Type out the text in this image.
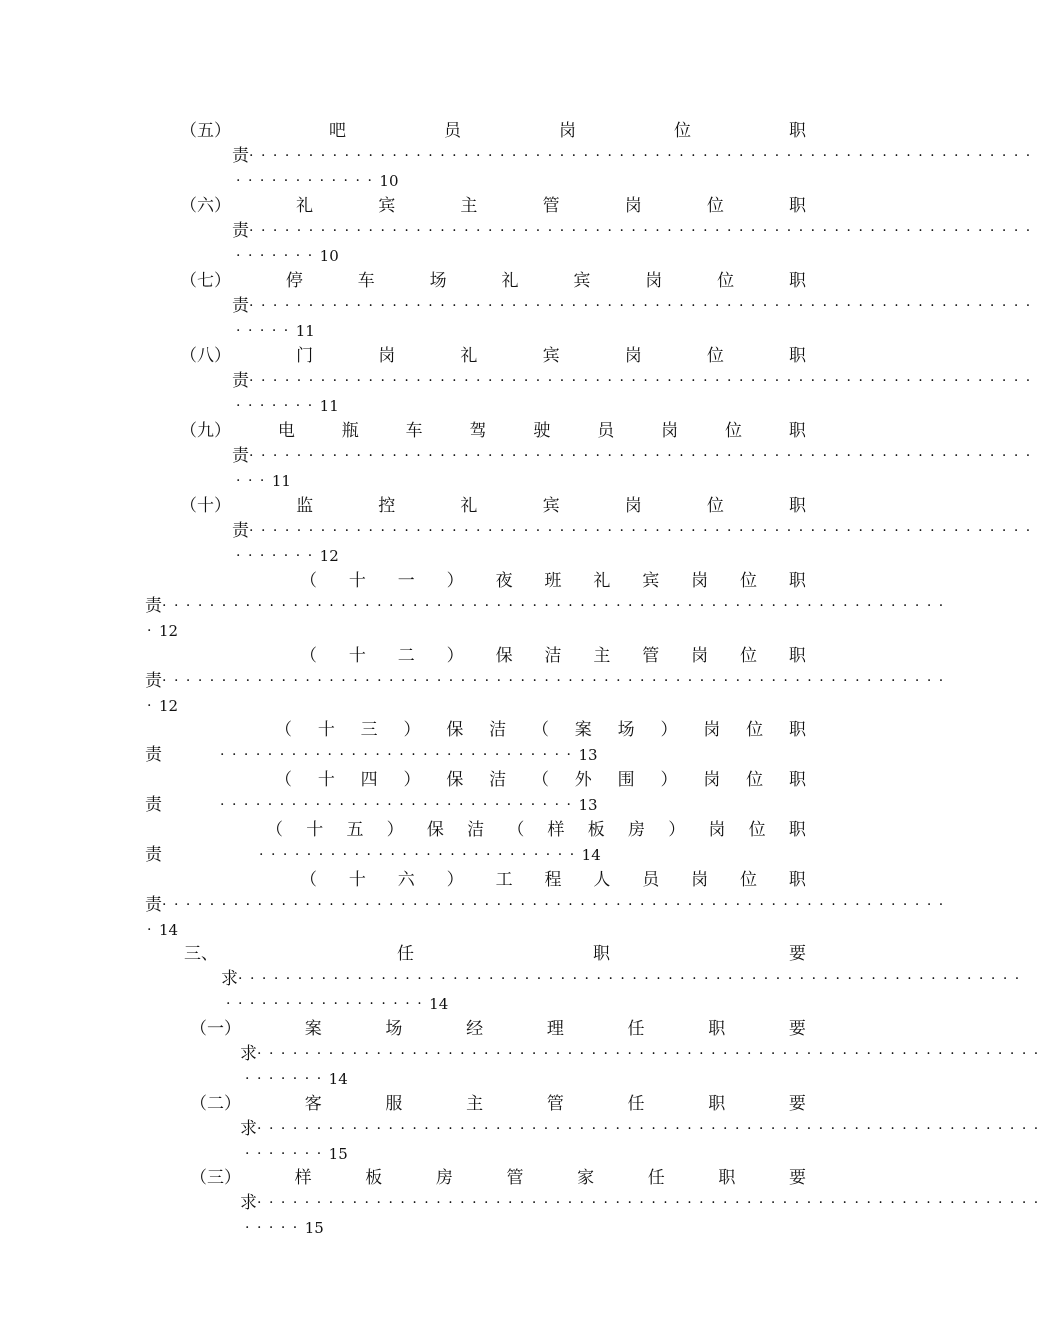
（五）	吧	员	岗	位	职
责 ··································································
············ 10
（六）	礼	宾	主	管	岗	位	职
责 ··································································
······· 10
（七）	停	车	场	礼	宾	岗	位	职
责 ··································································
····· 11
（八）	门	岗	礼	宾	岗	位	职
责 ··································································
······· 11
（九）	电	瓶	车	驾	驶	员	岗	位	职
责 ··································································
··· 11
（十）	监	控	礼	宾	岗	位	职
责 ··································································
······· 12
（ 十 一 ） 夜 班 礼 宾 岗 位 职
责 ··································································
· 12
（ 十 二 ） 保 洁 主 管 岗 位 职
责 ··································································
· 12
（ 十 三 ） 保 洁 （ 案 场 ） 岗 位 职
责	······························ 13
（ 十 四 ） 保 洁 （ 外 围 ） 岗 位 职
责	······························ 13
（ 十 五 ） 保 洁 （ 样 板 房 ） 岗 位 职
责	··························· 14
（ 十 六 ） 工 程 人 员 岗 位 职
责 ··································································
· 14
三、	任	职	要
求 ··································································
················· 14
（一）	案	场	经	理	任	职	要
求 ··································································
······· 14
（二）	客	服	主	管	任	职	要
求 ··································································
······· 15
（三）	样	板	房	管	家	任	职	要
求 ··································································
····· 15
